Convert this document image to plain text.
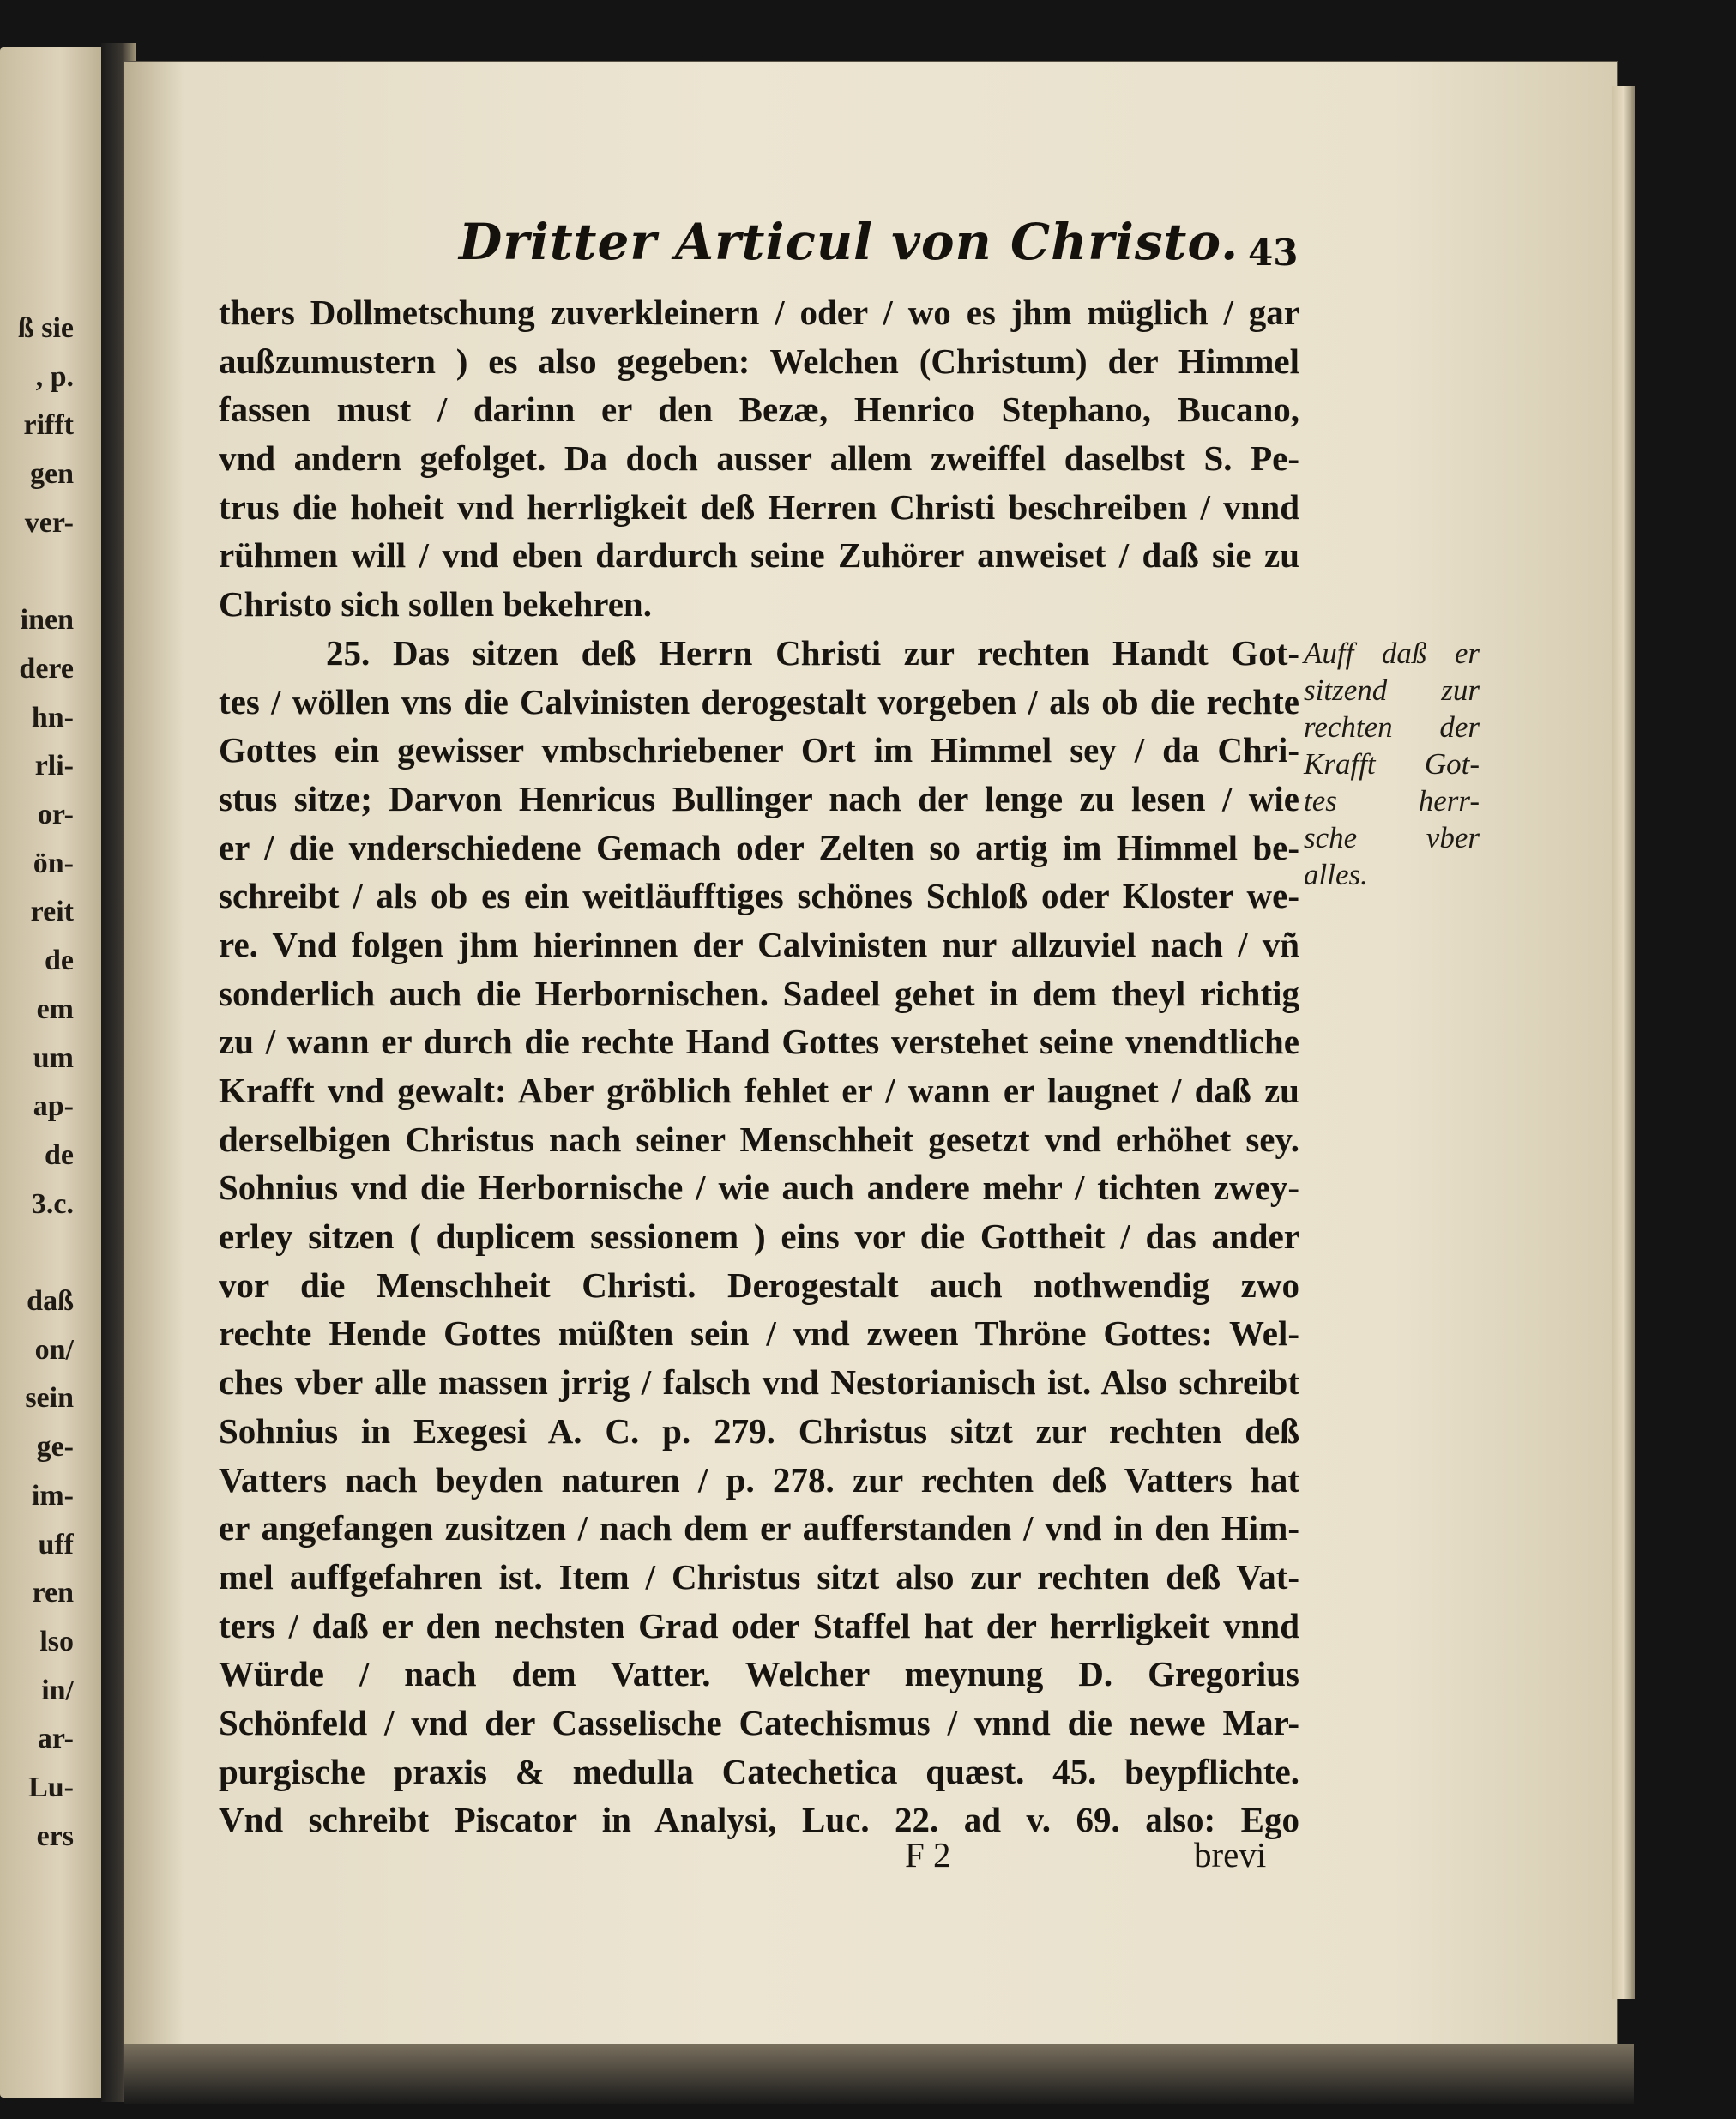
ß sie
, p.
rifft
gen
ver-

inen
dere
hn-
rli-
or-
ön-
reit
de
em
um
ap-
de
3.c.

daß
on/
sein
ge-
im-
uff
ren
lso
in/
ar-
Lu-
ers
Dritter Articul von Christo. 43
thers Dollmetschung zuverkleinern / oder / wo es jhm müglich / gar
außzumustern ) es also gegeben: Welchen (Christum) der Himmel
fassen must / darinn er den Bezæ, Henrico Stephano, Bucano,
vnd andern gefolget. Da doch ausser allem zweiffel daselbst S. Pe-
trus die hoheit vnd herrligkeit deß Herren Christi beschreiben / vnnd
rühmen will / vnd eben dardurch seine Zuhörer anweiset / daß sie zu
Christo sich sollen bekehren.
25. Das sitzen deß Herrn Christi zur rechten Handt Got-
tes / wöllen vns die Calvinisten derogestalt vorgeben / als ob die rechte
Gottes ein gewisser vmbschriebener Ort im Himmel sey / da Chri-
stus sitze; Darvon Henricus Bullinger nach der lenge zu lesen / wie
er / die vnderschiedene Gemach oder Zelten so artig im Himmel be-
schreibt / als ob es ein weitläufftiges schönes Schloß oder Kloster we-
re. Vnd folgen jhm hierinnen der Calvinisten nur allzuviel nach / vñ
sonderlich auch die Herbornischen. Sadeel gehet in dem theyl richtig
zu / wann er durch die rechte Hand Gottes verstehet seine vnendtliche
Krafft vnd gewalt: Aber gröblich fehlet er / wann er laugnet / daß zu
derselbigen Christus nach seiner Menschheit gesetzt vnd erhöhet sey.
Sohnius vnd die Herbornische / wie auch andere mehr / tichten zwey-
erley sitzen ( duplicem sessionem ) eins vor die Gottheit / das ander
vor die Menschheit Christi. Derogestalt auch nothwendig zwo
rechte Hende Gottes müßten sein / vnd zween Thröne Gottes: Wel-
ches vber alle massen jrrig / falsch vnd Nestorianisch ist. Also schreibt
Sohnius in Exegesi A. C. p. 279. Christus sitzt zur rechten deß
Vatters nach beyden naturen / p. 278. zur rechten deß Vatters hat
er angefangen zusitzen / nach dem er aufferstanden / vnd in den Him-
mel auffgefahren ist. Item / Christus sitzt also zur rechten deß Vat-
ters / daß er den nechsten Grad oder Staffel hat der herrligkeit vnnd
Würde / nach dem Vatter. Welcher meynung D. Gregorius
Schönfeld / vnd der Casselische Catechismus / vnnd die newe Mar-
purgische praxis & medulla Catechetica quæst. 45. beypflichte.
Vnd schreibt Piscator in Analysi, Luc. 22. ad v. 69. also: Ego
Auff daß er
sitzend zur
rechten der
Krafft Got-
tes herr-
sche vber
alles.
F 2	brevi
